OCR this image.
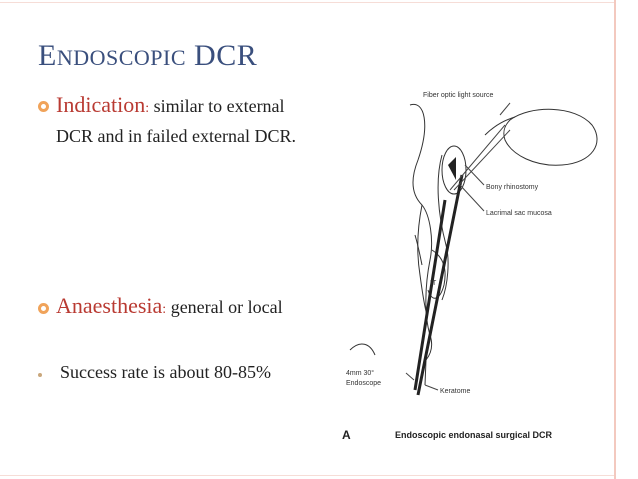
ENDOSCOPIC DCR
Indication: similar to external
DCR and in failed external DCR.
Anaesthesia: general or local
Success rate is about 80-85%
Fiber optic light source
Bony rhinostomy
Lacrimal sac mucosa
IT
4mm 30°
Endoscope
Keratome
A	Endoscopic endonasal surgical DCR
